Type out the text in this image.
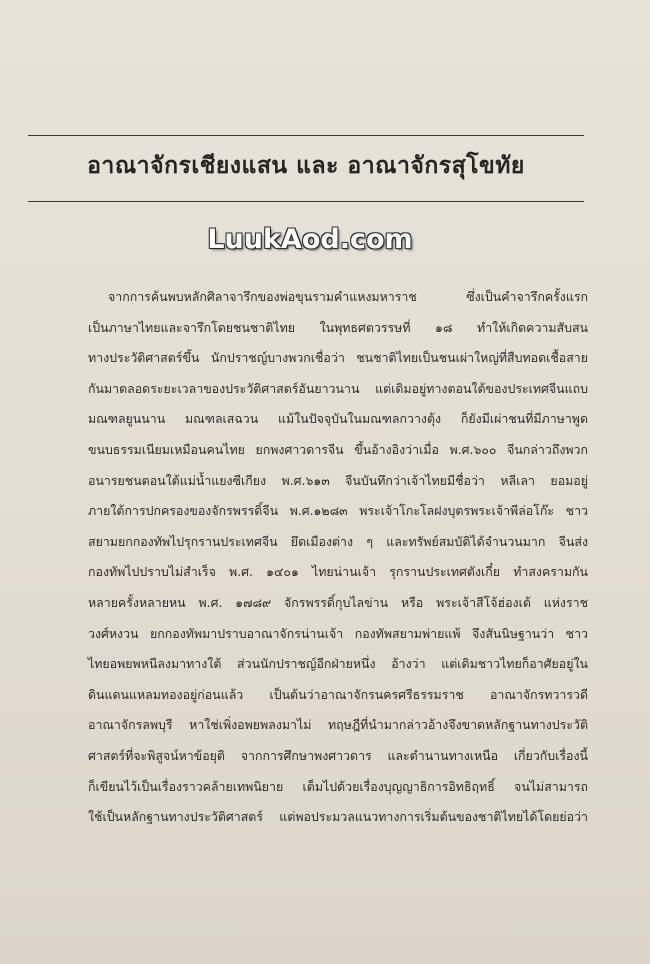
อาณาจักรเชียงแสน และ อาณาจักรสุโขทัย
LuukAod.com
จากการค้นพบหลักศิลาจารึกของพ่อขุนรามคำแหงมหาราช ซึ่งเป็นคำจารึกครั้งแรก
เป็นภาษาไทยและจารึกโดยชนชาติไทย ในพุทธศตวรรษที่ ๑๘ ทำให้เกิดความสับสน
ทางประวัติศาสตร์ขึ้น นักปราชญ์บางพวกเชื่อว่า ชนชาติไทยเป็นชนเผ่าใหญ่ที่สืบทอดเชื้อสาย
กันมาตลอดระยะเวลาของประวัติศาสตร์อันยาวนาน แต่เดิมอยู่ทางตอนใต้ของประเทศจีนแถบ
มณฑลยูนนาน มณฑลเสฉวน แม้ในปัจจุบันในมณฑลกวางตุ้ง ก็ยังมีเผ่าชนที่มีภาษาพูด
ขนบธรรมเนียมเหมือนคนไทย ยกพงศาวดารจีน ขึ้นอ้างอิงว่าเมื่อ พ.ศ.๖๐๐ จีนกล่าวถึงพวก
อนารยชนตอนใต้แม่น้ำแยงซีเกียง พ.ศ.๖๑๓ จีนบันทึกว่าเจ้าไทยมีชื่อว่า หลีเลา ยอมอยู่
ภายใต้การปกครองของจักรพรรดิ์จีน พ.ศ.๑๒๘๓ พระเจ้าโกะโลฝงบุตรพระเจ้าพีล่อโก๊ะ ชาว
สยามยกกองทัพไปรุกรานประเทศจีน ยึดเมืองต่าง ๆ และทรัพย์สมบัติได้จำนวนมาก จีนส่ง
กองทัพไปปราบไม่สำเร็จ พ.ศ. ๑๔๐๑ ไทยน่านเจ้า รุกรานประเทศตังเกี๋ย ทำสงครามกัน
หลายครั้งหลายหน พ.ศ. ๑๗๘๙ จักรพรรดิ์กุบไลข่าน หรือ พระเจ้าสีโจ้ฮ่องเต้ แห่งราช
วงศ์หงวน ยกกองทัพมาปราบอาณาจักรน่านเจ้า กองทัพสยามพ่ายแพ้ จึงสันนิษฐานว่า ชาว
ไทยอพยพหนีลงมาทางใต้ ส่วนนักปราชญ์อีกฝ่ายหนึ่ง อ้างว่า แต่เดิมชาวไทยก็อาศัยอยู่ใน
ดินแดนแหลมทองอยู่ก่อนแล้ว เป็นต้นว่าอาณาจักรนครศรีธรรมราช อาณาจักรทวารวดี
อาณาจักรลพบุรี หาใช่เพิ่งอพยพลงมาไม่ ทฤษฎีที่นำมากล่าวอ้างจึงขาดหลักฐานทางประวัติ
ศาสตร์ที่จะพิสูจน์หาข้อยุติ จากการศึกษาพงศาวดาร และตำนานทางเหนือ เกี่ยวกับเรื่องนี้
ก็เขียนไว้เป็นเรื่องราวคล้ายเทพนิยาย เต็มไปด้วยเรื่องบุญญาธิการอิทธิฤทธิ์ จนไม่สามารถ
ใช้เป็นหลักฐานทางประวัติศาสตร์ แต่พอประมวลแนวทางการเริ่มต้นของชาติไทยได้โดยย่อว่า
